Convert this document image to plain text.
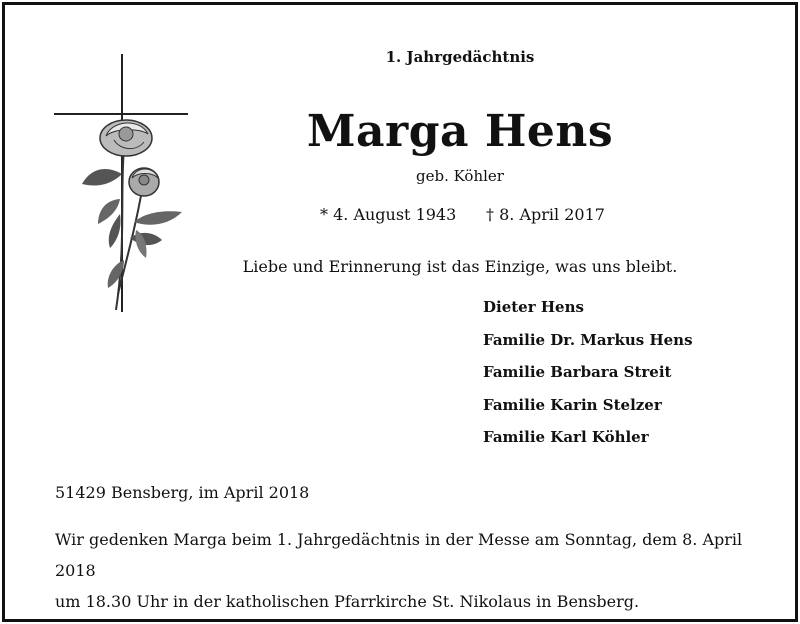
1. Jahrgedächtnis
Marga Hens
geb. Köhler
* 4. August 1943 † 8. April 2017
Liebe und Erinnerung ist das Einzige, was uns bleibt.
Dieter Hens
Familie Dr. Markus Hens
Familie Barbara Streit
Familie Karin Stelzer
Familie Karl Köhler
51429 Bensberg, im April 2018
Wir gedenken Marga beim 1. Jahrgedächtnis in der Messe am Sonntag, dem 8. April 2018
um 18.30 Uhr in der katholischen Pfarrkirche St. Nikolaus in Bensberg.
